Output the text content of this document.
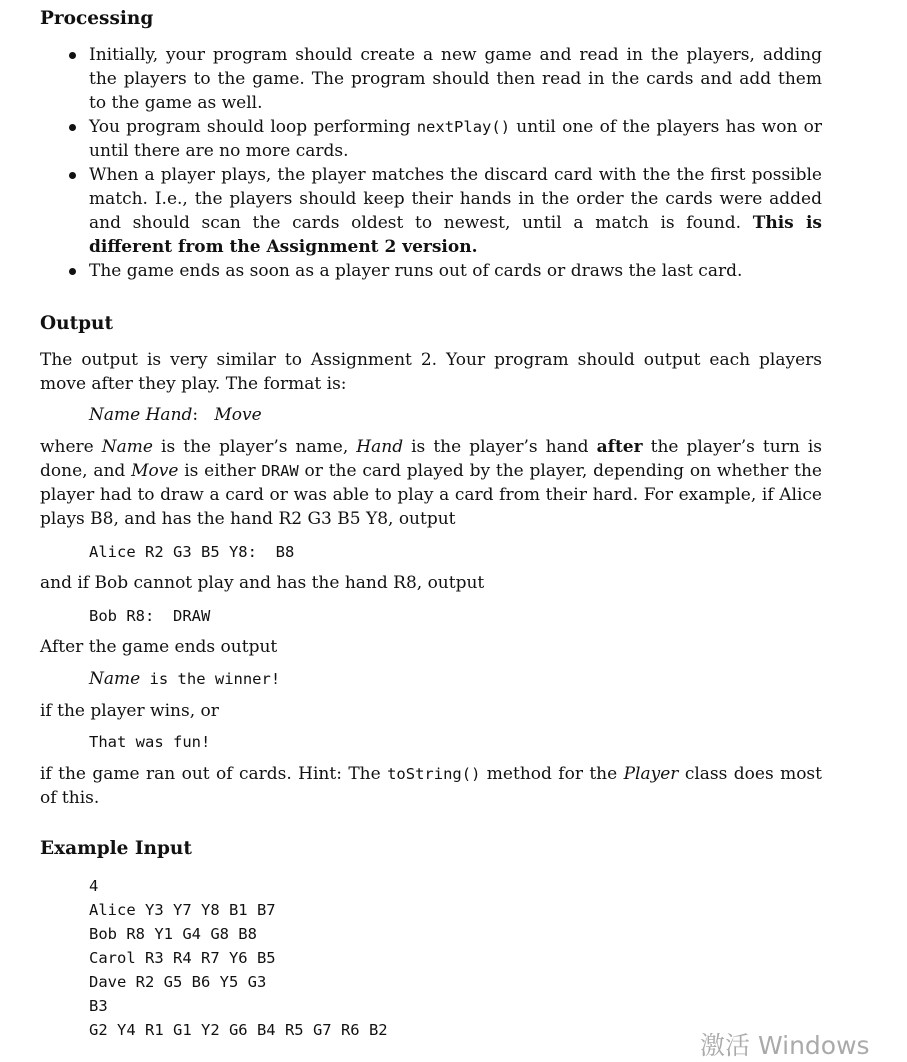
Processing
Initially, your program should create a new game and read in the players, adding the players to the game. The program should then read in the cards and add them to the game as well.
You program should loop performing nextPlay() until one of the players has won or until there are no more cards.
When a player plays, the player matches the discard card with the the first possible match. I.e., the players should keep their hands in the order the cards were added and should scan the cards oldest to newest, until a match is found. This is different from the Assignment 2 version.
The game ends as soon as a player runs out of cards or draws the last card.
Output

The output is very similar to Assignment 2. Your program should output each players move after they play. The format is:

Name Hand: Move

where Name is the player’s name, Hand is the player’s hand after the player’s turn is done, and Move is either DRAW or the card played by the player, depending on whether the player had to draw a card or was able to play a card from their hard. For example, if Alice plays B8, and has the hand R2 G3 B5 Y8, output

Alice R2 G3 B5 Y8:  B8

and if Bob cannot play and has the hand R8, output

Bob R8:  DRAW

After the game ends output

Name is the winner!

if the player wins, or

That was fun!

if the game ran out of cards. Hint: The toString() method for the Player class does most of this.

Example Input
4
Alice Y3 Y7 Y8 B1 B7
Bob R8 Y1 G4 G8 B8
Carol R3 R4 R7 Y6 B5
Dave R2 G5 B6 Y5 G3
B3
G2 Y4 R1 G1 Y2 G6 B4 R5 G7 R6 B2
激活 Windows
